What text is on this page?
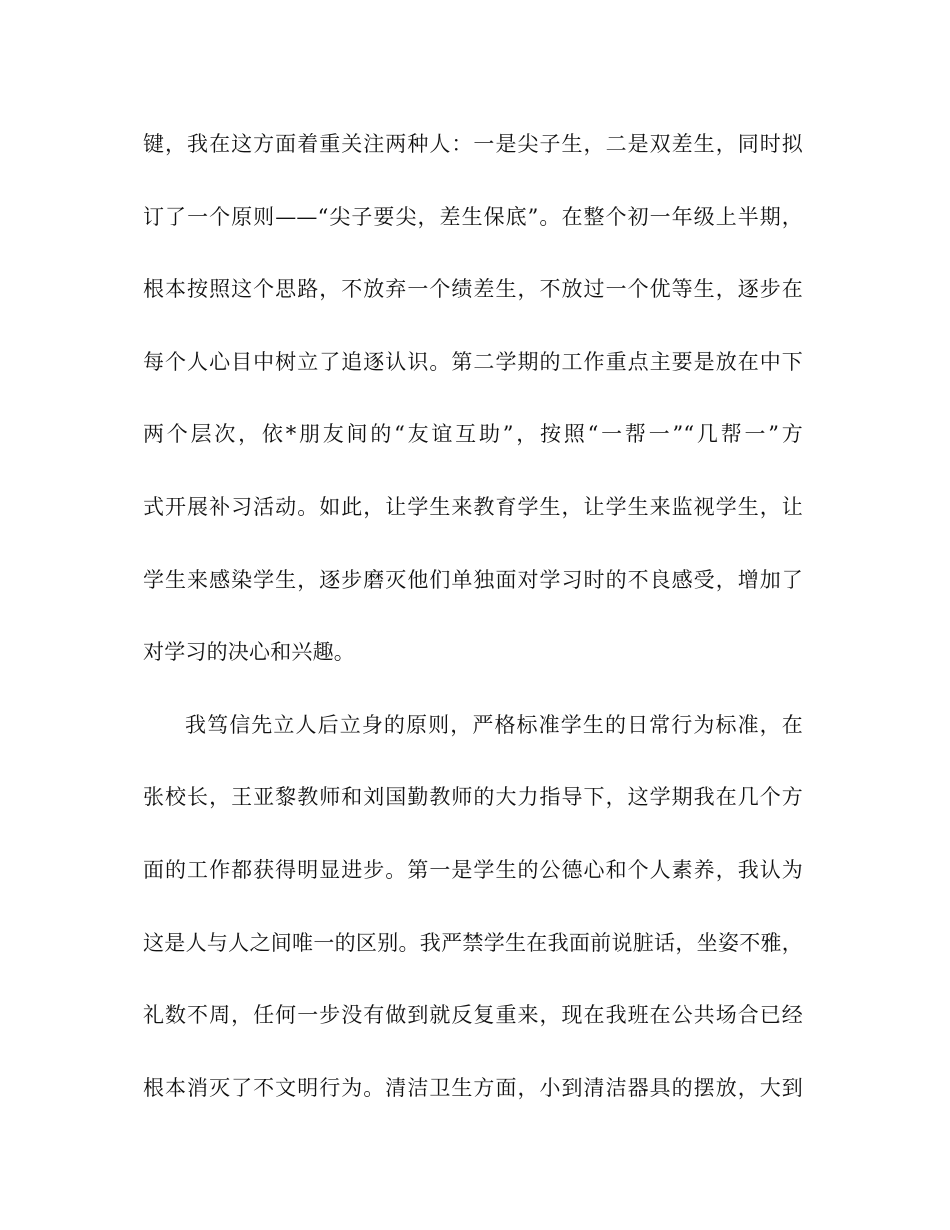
键，我在这方面着重关注两种人：一是尖子生，二是双差生，同时拟
订了一个原则——“尖子要尖，差生保底”。在整个初一年级上半期，
根本按照这个思路，不放弃一个绩差生，不放过一个优等生，逐步在
每个人心目中树立了追逐认识。第二学期的工作重点主要是放在中下
两个层次，依*朋友间的“友谊互助”，按照“一帮一”“几帮一”方
式开展补习活动。如此，让学生来教育学生，让学生来监视学生，让
学生来感染学生，逐步磨灭他们单独面对学习时的不良感受，增加了
对学习的决心和兴趣。
我笃信先立人后立身的原则，严格标准学生的日常行为标准，在
张校长，王亚黎教师和刘国勤教师的大力指导下，这学期我在几个方
面的工作都获得明显进步。第一是学生的公德心和个人素养，我认为
这是人与人之间唯一的区别。我严禁学生在我面前说脏话，坐姿不雅，
礼数不周，任何一步没有做到就反复重来，现在我班在公共场合已经
根本消灭了不文明行为。清洁卫生方面，小到清洁器具的摆放，大到
